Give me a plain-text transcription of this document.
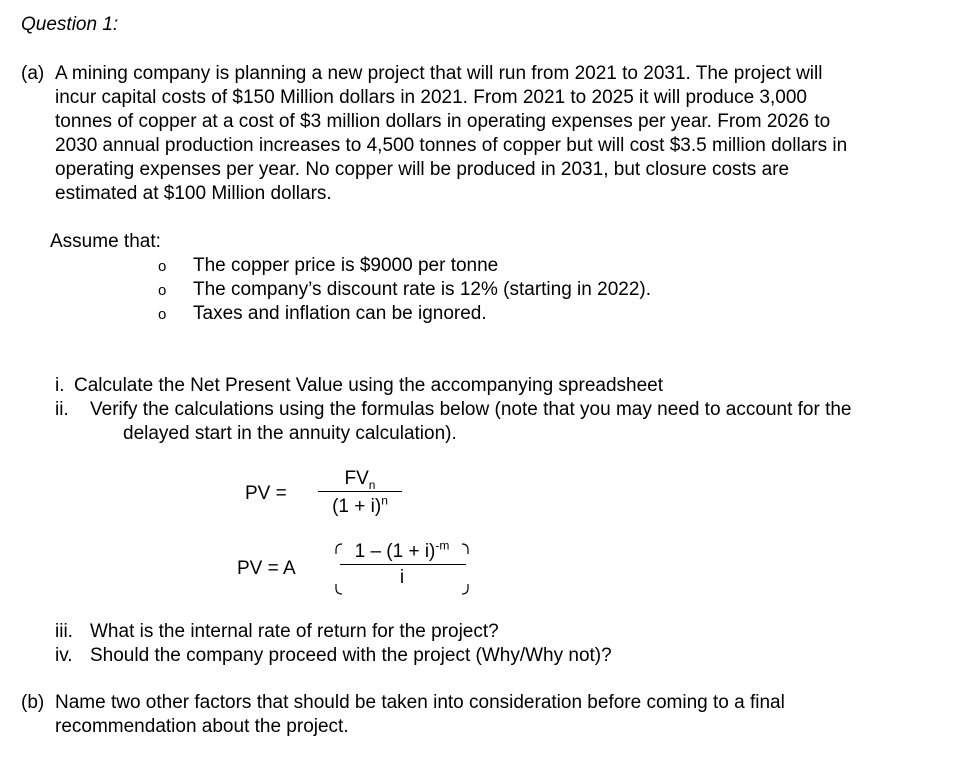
Question 1:
(a) A mining company is planning a new project that will run from 2021 to 2031. The project will
incur capital costs of $150 Million dollars in 2021. From 2021 to 2025 it will produce 3,000
tonnes of copper at a cost of $3 million dollars in operating expenses per year. From 2026 to
2030 annual production increases to 4,500 tonnes of copper but will cost $3.5 million dollars in
operating expenses per year. No copper will be produced in 2031, but closure costs are
estimated at $100 Million dollars.
Assume that:
o The copper price is $9000 per tonne
o The company’s discount rate is 12% (starting in 2022).
o Taxes and inflation can be ignored.
i. Calculate the Net Present Value using the accompanying spreadsheet
ii. Verify the calculations using the formulas below (note that you may need to account for the
delayed start in the annuity calculation).
PV =
$FV_n$
$(1 + i)^n$
PV = A
$1 - (1 + i)^{-m}$
i
iii. What is the internal rate of return for the project?
iv. Should the company proceed with the project (Why/Why not)?
(b) Name two other factors that should be taken into consideration before coming to a final
recommendation about the project.
